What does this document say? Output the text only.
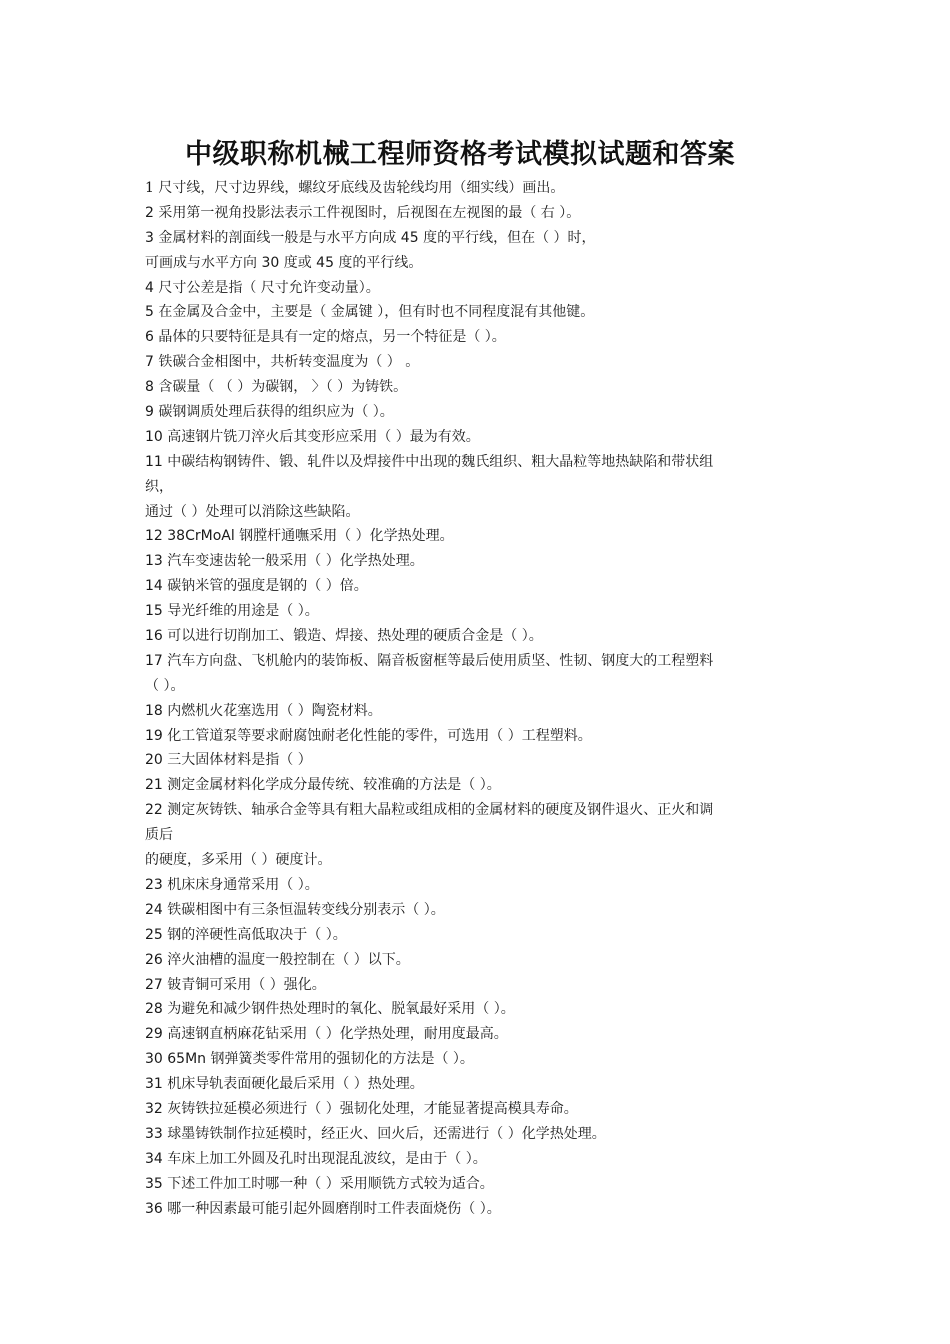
中级职称机械工程师资格考试模拟试题和答案
1 尺寸线，尺寸边界线，螺纹牙底线及齿轮线均用（细实线）画出。
2 采用第一视角投影法表示工件视图时，后视图在左视图的最（ 右 ）。
3 金属材料的剖面线一般是与水平方向成 45 度的平行线，但在（ ）时，
可画成与水平方向 30 度或 45 度的平行线。
4 尺寸公差是指（ 尺寸允许变动量）。
5 在金属及合金中，主要是（ 金属键 ），但有时也不同程度混有其他键。
6 晶体的只要特征是具有一定的熔点，另一个特征是（ ）。
7 铁碳合金相图中，共析转变温度为（ ） 。
8 含碳量（ （ ）为碳钢， 〉（ ）为铸铁。
9 碳钢调质处理后获得的组织应为（ ）。
10 高速钢片铣刀淬火后其变形应采用（ ）最为有效。
11 中碳结构钢铸件、锻、轧件以及焊接件中出现的魏氏组织、粗大晶粒等地热缺陷和带状组
织，
通过（ ）处理可以消除这些缺陷。
12 38CrMoAl 钢膛杆通嘸采用（ ）化学热处理。
13 汽车变速齿轮一般采用（ ）化学热处理。
14 碳钠米管的强度是钢的（ ）倍。
15 导光纤维的用途是（ ）。
16 可以进行切削加工、锻造、焊接、热处理的硬质合金是（ ）。
17 汽车方向盘、飞机舱内的装饰板、隔音板窗框等最后使用质坚、性韧、钢度大的工程塑料
（ ）。
18 内燃机火花塞选用（ ）陶瓷材料。
19 化工管道泵等要求耐腐蚀耐老化性能的零件，可选用（ ）工程塑料。
20 三大固体材料是指（ ）
21 测定金属材料化学成分最传统、较准确的方法是（ ）。
22 测定灰铸铁、轴承合金等具有粗大晶粒或组成相的金属材料的硬度及钢件退火、正火和调
质后
的硬度，多采用（ ）硬度计。
23 机床床身通常采用（ ）。
24 铁碳相图中有三条恒温转变线分别表示（ ）。
25 钢的淬硬性高低取决于（ ）。
26 淬火油槽的温度一般控制在（ ）以下。
27 铍青铜可采用（ ）强化。
28 为避免和减少钢件热处理时的氧化、脱氧最好采用（ ）。
29 高速钢直柄麻花钻采用（ ）化学热处理，耐用度最高。
30 65Mn 钢弹簧类零件常用的强韧化的方法是（ ）。
31 机床导轨表面硬化最后采用（ ）热处理。
32 灰铸铁拉延模必须进行（ ）强韧化处理，才能显著提高模具寿命。
33 球墨铸铁制作拉延模时，经正火、回火后，还需进行（ ）化学热处理。
34 车床上加工外圆及孔时出现混乱波纹，是由于（ ）。
35 下述工件加工时哪一种（ ）采用顺铣方式较为适合。
36 哪一种因素最可能引起外圆磨削时工件表面烧伤（ ）。
